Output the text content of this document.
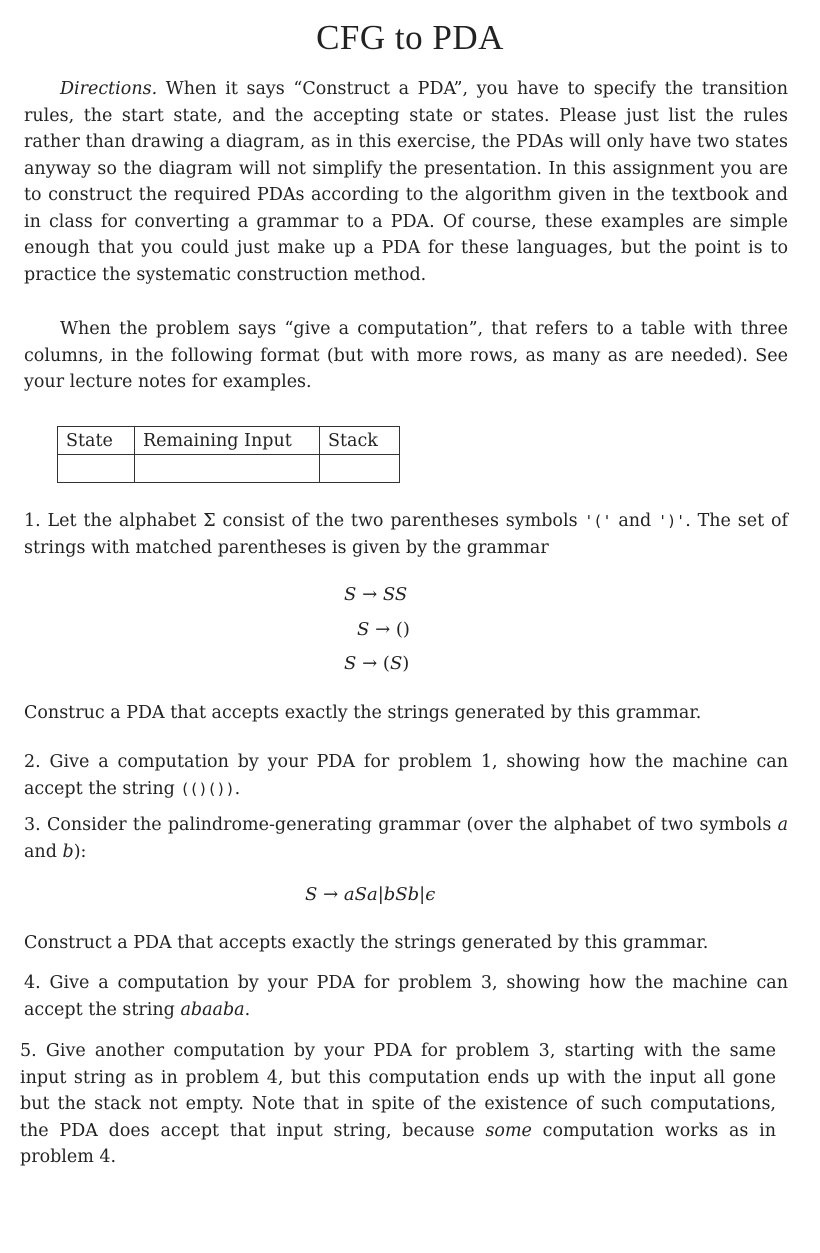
CFG to PDA

Directions. When it says “Construct a PDA”, you have to specify the transition rules, the start state, and the accepting state or states. Please just list the rules rather than drawing a diagram, as in this exercise, the PDAs will only have two states anyway so the diagram will not simplify the presentation. In this assignment you are to construct the required PDAs according to the algorithm given in the textbook and in class for converting a grammar to a PDA. Of course, these examples are simple enough that you could just make up a PDA for these languages, but the point is to practice the systematic construction method.

When the problem says “give a computation”, that refers to a table with three columns, in the following format (but with more rows, as many as are needed). See your lecture notes for examples.

State	Remaining Input	Stack

1. Let the alphabet Σ consist of the two parentheses symbols '(' and ')'. The set of strings with matched parentheses is given by the grammar

S → SS
S → ()
S → (S)

Construc a PDA that accepts exactly the strings generated by this grammar.

2. Give a computation by your PDA for problem 1, showing how the machine can accept the string (()()).

3. Consider the palindrome-generating grammar (over the alphabet of two symbols a and b):

S → aSa|bSb|ϵ

Construct a PDA that accepts exactly the strings generated by this grammar.

4. Give a computation by your PDA for problem 3, showing how the machine can accept the string abaaba.

5. Give another computation by your PDA for problem 3, starting with the same input string as in problem 4, but this computation ends up with the input all gone but the stack not empty. Note that in spite of the existence of such computations, the PDA does accept that input string, because some computation works as in problem 4.
